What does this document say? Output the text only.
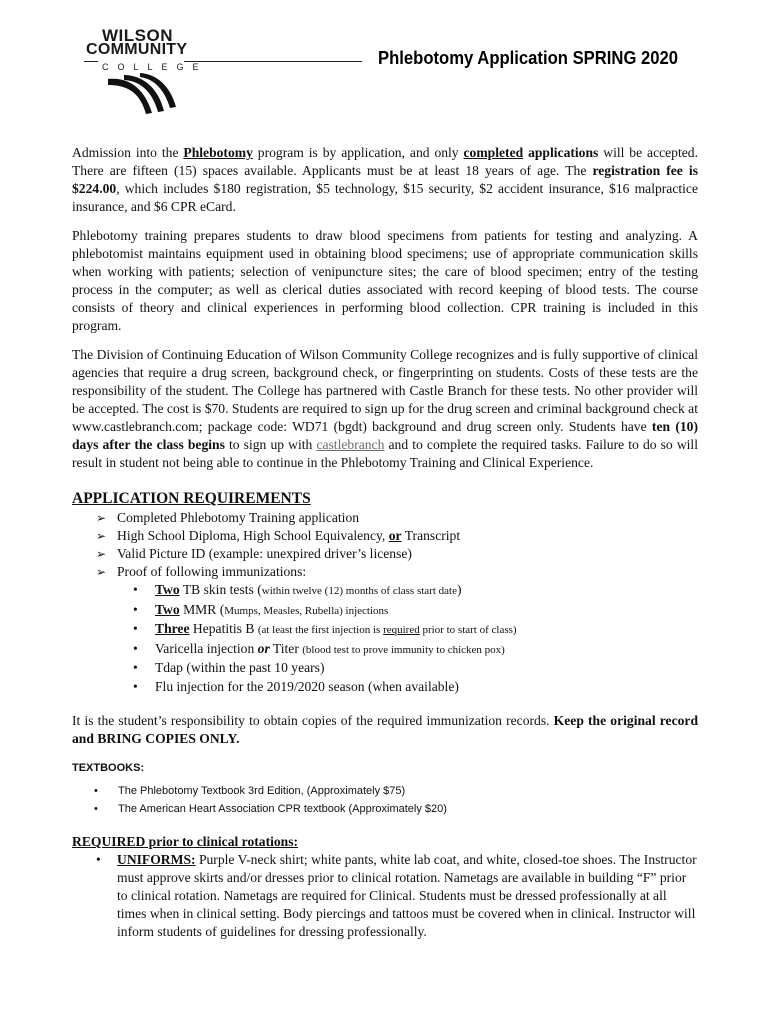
WILSON
COMMUNITY
COLLEGE	Phlebotomy Application SPRING 2020

Admission into the Phlebotomy program is by application, and only completed applications will be accepted. There are fifteen (15) spaces available. Applicants must be at least 18 years of age. The registration fee is $224.00, which includes $180 registration, $5 technology, $15 security, $2 accident insurance, $16 malpractice insurance, and $6 CPR eCard.

Phlebotomy training prepares students to draw blood specimens from patients for testing and analyzing. A phlebotomist maintains equipment used in obtaining blood specimens; use of appropriate communication skills when working with patients; selection of venipuncture sites; the care of blood specimen; entry of the testing process in the computer; as well as clerical duties associated with record keeping of blood tests. The course consists of theory and clinical experiences in performing blood collection. CPR training is included in this program.

The Division of Continuing Education of Wilson Community College recognizes and is fully supportive of clinical agencies that require a drug screen, background check, or fingerprinting on students. Costs of these tests are the responsibility of the student. The College has partnered with Castle Branch for these tests. No other provider will be accepted. The cost is $70. Students are required to sign up for the drug screen and criminal background check at www.castlebranch.com; package code: WD71 (bgdt) background and drug screen only. Students have ten (10) days after the class begins to sign up with castlebranch and to complete the required tasks. Failure to do so will result in student not being able to continue in the Phlebotomy Training and Clinical Experience.

APPLICATION REQUIREMENTS
➢ Completed Phlebotomy Training application
➢ High School Diploma, High School Equivalency, or Transcript
➢ Valid Picture ID (example: unexpired driver’s license)
➢ Proof of following immunizations:
• Two TB skin tests (within twelve (12) months of class start date)
• Two MMR (Mumps, Measles, Rubella) injections
• Three Hepatitis B (at least the first injection is required prior to start of class)
• Varicella injection or Titer (blood test to prove immunity to chicken pox)
• Tdap (within the past 10 years)
• Flu injection for the 2019/2020 season (when available)

It is the student’s responsibility to obtain copies of the required immunization records. Keep the original record and BRING COPIES ONLY.

TEXTBOOKS:
• The Phlebotomy Textbook 3rd Edition, (Approximately $75)
• The American Heart Association CPR textbook (Approximately $20)
REQUIRED prior to clinical rotations:
• UNIFORMS: Purple V-neck shirt; white pants, white lab coat, and white, closed-toe shoes. The Instructor must approve skirts and/or dresses prior to clinical rotation. Nametags are available in building “F” prior to clinical rotation. Nametags are required for Clinical. Students must be dressed professionally at all times when in clinical setting. Body piercings and tattoos must be covered when in clinical. Instructor will inform students of guidelines for dressing professionally.
